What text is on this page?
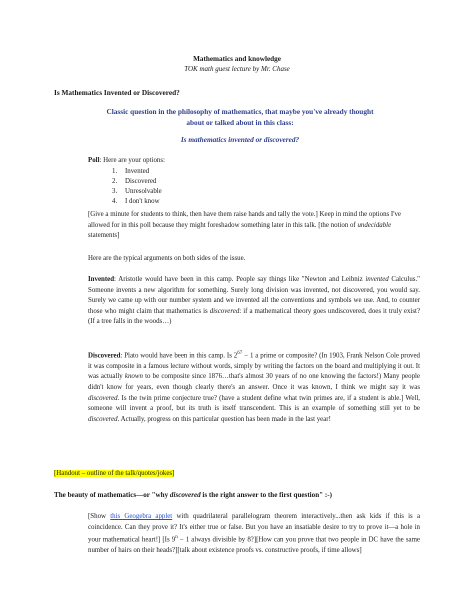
Mathematics and knowledge
TOK math guest lecture by Mr. Chase
Is Mathematics Invented or Discovered?
Classic question in the philosophy of mathematics, that maybe you've already thought
about or talked about in this class:
Is mathematics invented or discovered?
Poll: Here are your options:
1. Invented
2. Discovered
3. Unresolvable
4. I don't know
[Give a minute for students to think, then have them raise hands and tally the vote.] Keep in mind the options I've allowed for in this poll because they might foreshadow something later in this talk. [the notion of undecidable statements]
Here are the typical arguments on both sides of the issue.
Invented: Aristotle would have been in this camp. People say things like "Newton and Leibniz invented Calculus." Someone invents a new algorithm for something. Surely long division was invented, not discovered, you would say. Surely we came up with our number system and we invented all the conventions and symbols we use. And, to counter those who might claim that mathematics is discovered: if a mathematical theory goes undiscovered, does it truly exist? (If a tree falls in the woods…)
Discovered: Plato would have been in this camp. Is $2^{67} - 1$ a prime or composite? (In 1903, Frank Nelson Cole proved it was composite in a famous lecture without words, simply by writing the factors on the board and multiplying it out. It was actually known to be composite since 1876…that's almost 30 years of no one knowing the factors!) Many people didn't know for years, even though clearly there's an answer. Once it was known, I think we might say it was discovered. Is the twin prime conjecture true? (have a student define what twin primes are, if a student is able.] Well, someone will invent a proof, but its truth is itself transcendent. This is an example of something still yet to be discovered. Actually, progress on this particular question has been made in the last year!
[Handout – outline of the talk/quotes/jokes]
The beauty of mathematics—or "why discovered is the right answer to the first question" :-)
[Show this Geogebra applet with quadrilateral parallelogram theorem interactively...then ask kids if this is a coincidence. Can they prove it? It's either true or false. But you have an insatiable desire to try to prove it—a hole in your mathematical heart!] [Is $9^n - 1$ always divisible by 8?][How can you prove that two people in DC have the same number of hairs on their heads?][talk about existence proofs vs. constructive proofs, if time allows]
